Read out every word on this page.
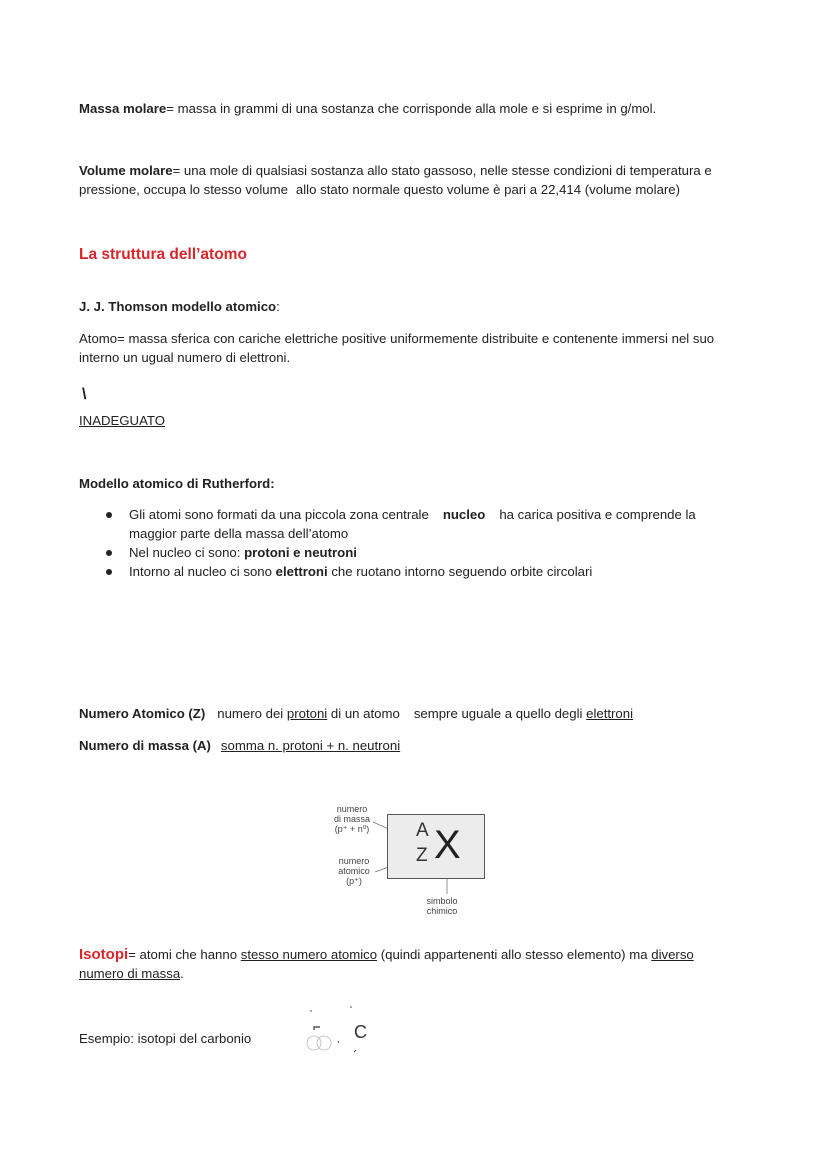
Massa molare= massa in grammi di una sostanza che corrisponde alla mole e si esprime in g/mol.
Volume molare= una mole di qualsiasi sostanza allo stato gassoso, nelle stesse condizioni di temperatura e pressione, occupa lo stesso volume allo stato normale questo volume è pari a 22,414 (volume molare)
La struttura dell’atomo
J. J. Thomson modello atomico:
Atomo= massa sferica con cariche elettriche positive uniformemente distribuite e contenente immersi nel suo interno un ugual numero di elettroni.
\
INADEGUATO
Modello atomico di Rutherford:
Gli atomi sono formati da una piccola zona centrale nucleo ha carica positiva e comprende la maggior parte della massa dell’atomo
Nel nucleo ci sono: protoni e neutroni
Intorno al nucleo ci sono elettroni che ruotano intorno seguendo orbite circolari
Numero Atomico (Z) numero dei protoni di un atomo sempre uguale a quello degli elettroni
Numero di massa (A) somma n. protoni + n. neutroni
numero
di massa
(p⁺ + n⁰)
numero
atomico
(p⁺)
simbolo
chimico
A
Z X
Isotopi= atomi che hanno stesso numero atomico (quindi appartenenti allo stesso elemento) ma diverso numero di massa.
Esempio: isotopi del carbonio	C
,
